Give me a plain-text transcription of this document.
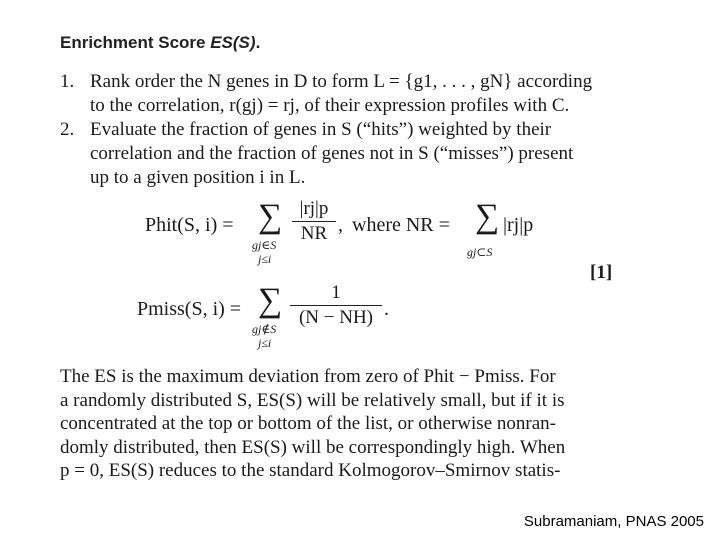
Enrichment Score ES(S).
1. Rank order the N genes in D to form L = {g1, . . . , gN} according
to the correlation, r(gj) = rj, of their expression profiles with C.
2. Evaluate the fraction of genes in S (“hits”) weighted by their
correlation and the fraction of genes not in S (“misses”) present
up to a given position i in L.
Phit(S, i) = ∑
gj∈S
j≤i
|rj|p
NR , where NR = ∑
gj⊂S
|rj|p
[1]
Pmiss(S, i) = ∑
gj∉S
j≤i
1
(N − NH) .
The ES is the maximum deviation from zero of Phit − Pmiss. For
a randomly distributed S, ES(S) will be relatively small, but if it is
concentrated at the top or bottom of the list, or otherwise nonran-
domly distributed, then ES(S) will be correspondingly high. When
p = 0, ES(S) reduces to the standard Kolmogorov–Smirnov statis-
Subramaniam, PNAS 2005
